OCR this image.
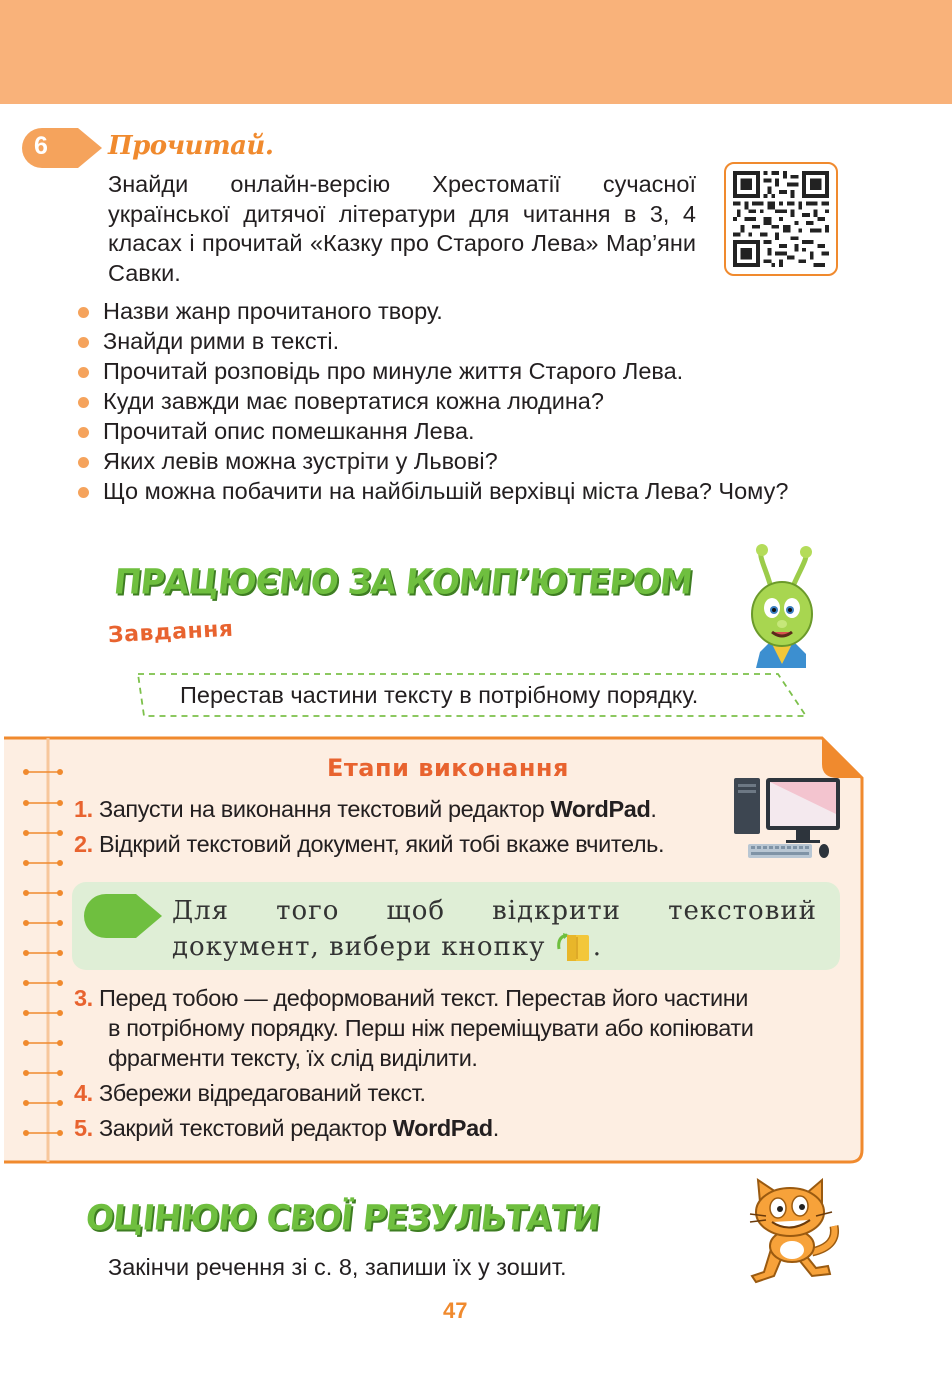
6 Прочитай.
Знайди онлайн-версію Хрестоматії сучасної української дитячої літератури для читання в 3, 4 класах і прочитай «Казку про Старого Лева» Мар’яни Савки.
Назви жанр прочитаного твору.
Знайди рими в тексті.
Прочитай розповідь про минуле життя Старого Лева.
Куди завжди має повертатися кожна людина?
Прочитай опис помешкання Лева.
Яких левів можна зустріти у Львові?
Що можна побачити на найбільшій верхівці міста Лева? Чому?
ПРАЦЮЄМО ЗА КОМП’ЮТЕРОМ
Завдання
Перестав частини тексту в потрібному порядку.
Етапи виконання
1. Запусти на виконання текстовий редактор WordPad.
2. Відкрий текстовий документ, який тобі вкаже вчитель.
Для того щоб відкрити текстовий документ, вибери кнопку .
3. Перед тобою — деформований текст. Перестав його частини
в потрібному порядку. Перш ніж переміщувати або копіювати
фрагменти тексту, їх слід виділити.
4. Збережи відредагований текст.
5. Закрий текстовий редактор WordPad.
ОЦІНЮЮ СВОЇ РЕЗУЛЬТАТИ
Закінчи речення зі с. 8, запиши їх у зошит.
47
